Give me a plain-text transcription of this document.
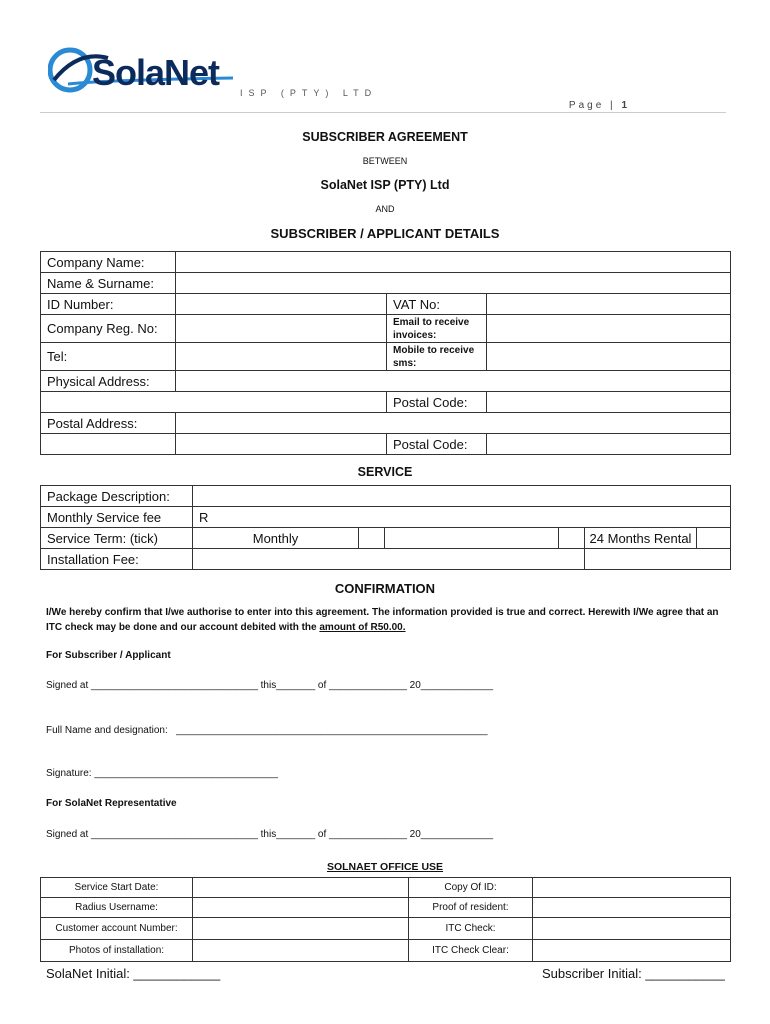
SolaNet ISP (PTY) LTD
Page | 1
SUBSCRIBER AGREEMENT
BETWEEN
SolaNet ISP (PTY) Ltd
AND
SUBSCRIBER / APPLICANT DETAILS
Company Name:			
Name & Surname:			
ID Number:		VAT No:	
Company Reg. No:		Email to receive invoices:	
Tel:		Mobile to receive sms:	
Physical Address:			
		Postal Code:	
Postal Address:			
		Postal Code:	
SERVICE
Package Description:						
Monthly Service fee	R					
Service Term: (tick)	Monthly				24 Months Rental	
Installation Fee:						
CONFIRMATION
I/We hereby confirm that I/we authorise to enter into this agreement. The information provided is true and correct. Herewith I/We agree that an ITC check may be done and our account debited with the amount of R50.00.
For Subscriber / Applicant
Signed at ______________________________ this_______ of ______________ 20_____________
Full Name and designation:   ________________________________________________________
Signature: _________________________________
For SolaNet Representative
Signed at ______________________________ this_______ of ______________ 20_____________
SOLNAET OFFICE USE
Service Start Date:		Copy Of ID:	
Radius Username:		Proof of resident:	
Customer account Number:		ITC Check:	
Photos of installation:		ITC Check Clear:	
SolaNet Initial: ____________	Subscriber Initial: ___________
